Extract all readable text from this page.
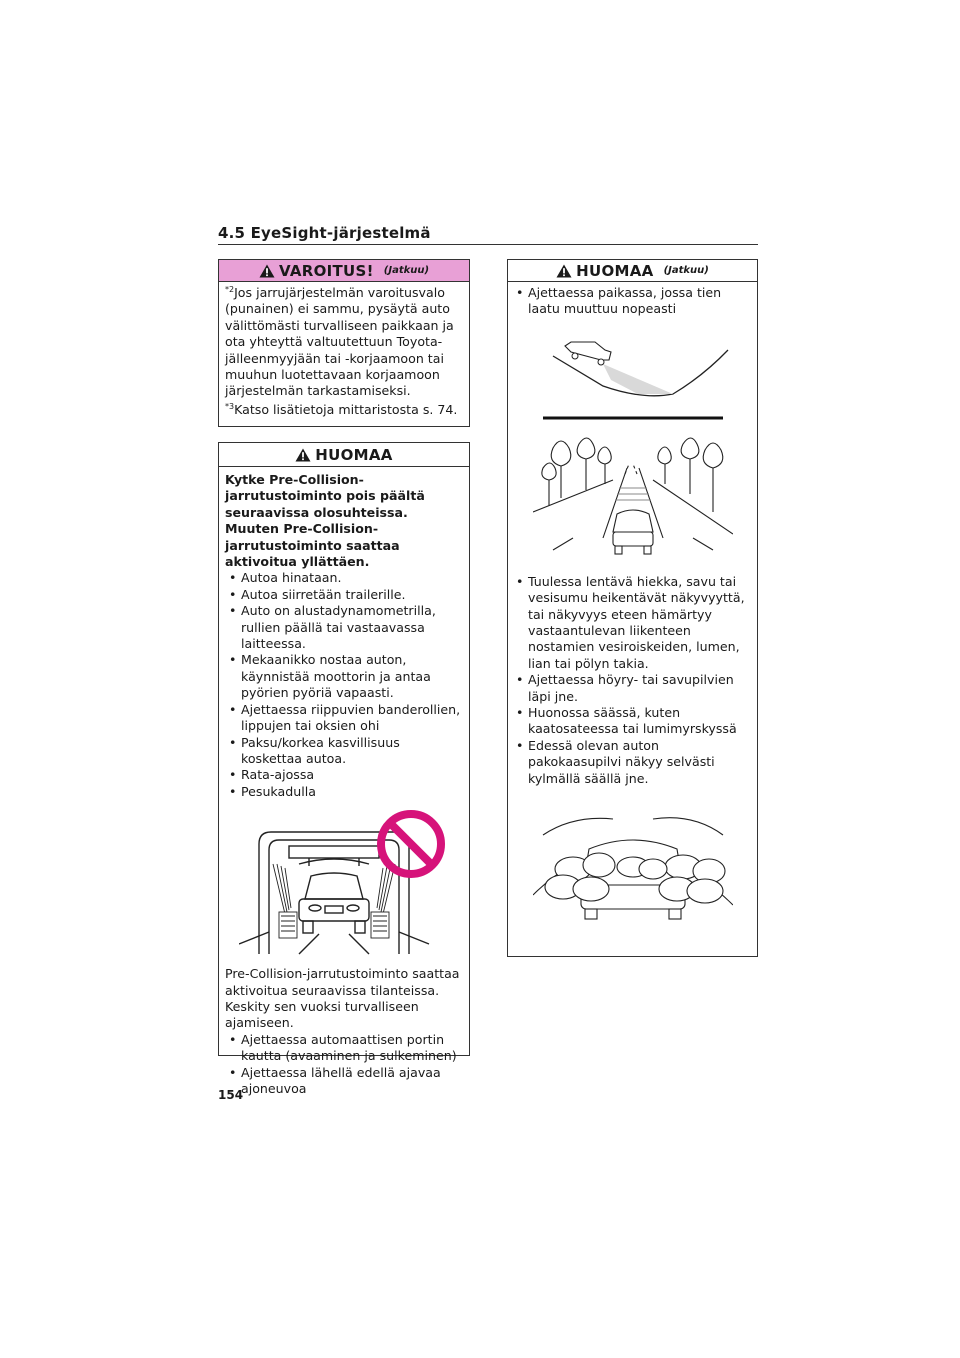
4.5 EyeSight-järjestelmä
VAROITUS! (Jatkuu)

$^{*2}$Jos jarrujärjestelmän varoitusvalo (punainen) ei sammu, pysäytä auto välittömästi turvalliseen paikkaan ja ota yhteyttä valtuutettuun Toyota-jälleenmyyjään tai -korjaamoon tai muuhun luotettavaan korjaamoon järjestelmän tarkastamiseksi.

$^{*3}$Katso lisätietoja mittaristosta s. 74.

HUOMAA

Kytke Pre-Collision-jarrutustoiminto pois päältä seuraavissa olosuhteissa. Muuten Pre-Collision-jarrutustoiminto saattaa aktivoitua yllättäen.

• Autoa hinataan.
• Autoa siirretään trailerille.
• Auto on alustadynamometrilla, rullien päällä tai vastaavassa laitteessa.
• Mekaanikko nostaa auton, käynnistää moottorin ja antaa pyörien pyöriä vapaasti.
• Ajettaessa riippuvien banderollien, lippujen tai oksien ohi
• Paksu/korkea kasvillisuus koskettaa autoa.
• Rata-ajossa
• Pesukadulla

Pre-Collision-jarrutustoiminto saattaa aktivoitua seuraavissa tilanteissa. Keskity sen vuoksi turvalliseen ajamiseen.

• Ajettaessa automaattisen portin kautta (avaaminen ja sulkeminen)
• Ajettaessa lähellä edellä ajavaa ajoneuvoa
HUOMAA (Jatkuu)
• Ajettaessa paikassa, jossa tien laatu muuttuu nopeasti
• Tuulessa lentävä hiekka, savu tai vesisumu heikentävät näkyvyyttä, tai näkyvyys eteen hämärtyy vastaantulevan liikenteen nostamien vesiroiskeiden, lumen, lian tai pölyn takia.
• Ajettaessa höyry- tai savupilvien läpi jne.
• Huonossa säässä, kuten kaatosateessa tai lumimyrskyssä
• Edessä olevan auton pakokaasupilvi näkyy selvästi kylmällä säällä jne.
154
